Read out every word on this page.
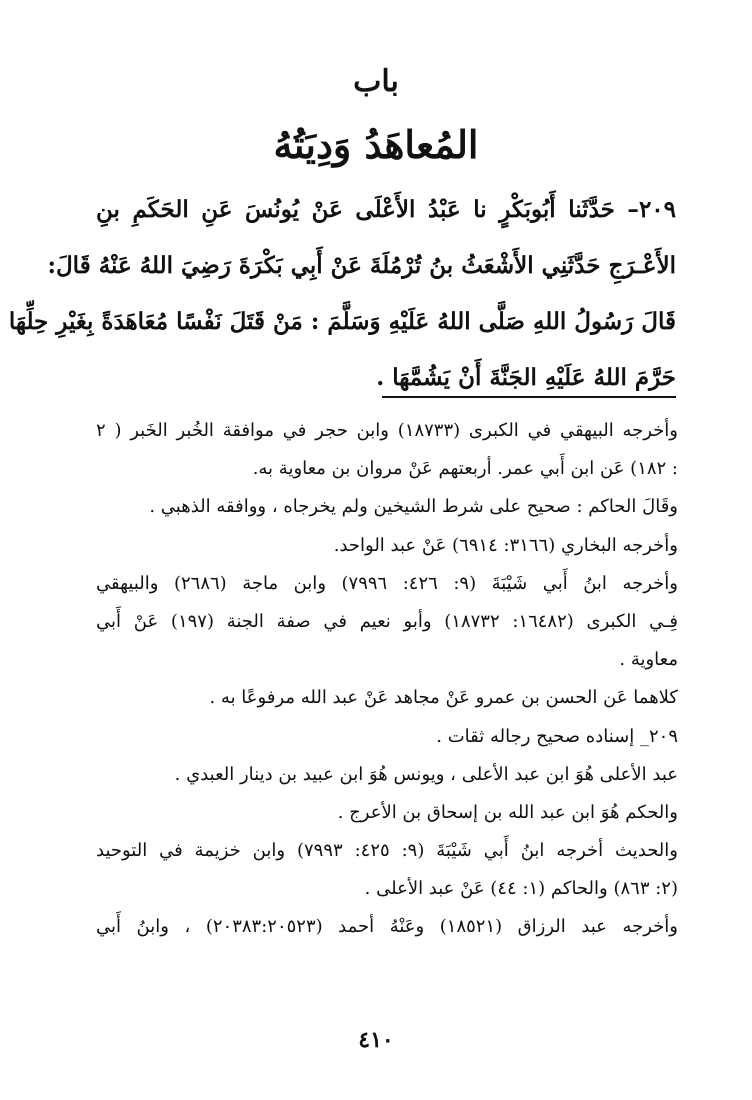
باب
المُعاهَدُ وَدِيَتُهُ
٢٠٩– حَدَّثَنا أَبُوبَكْرٍ نا عَبْدُ الأَعْلَى عَنْ يُونُسَ عَنِ الحَكَمِ بنِ
الأَعْـرَجِ حَدَّثَنِي الأَشْعَثُ بنُ تُرْمُلَةَ عَنْ أَبِي بَكْرَةَ رَضِيَ اللهُ عَنْهُ قَالَ:
قَالَ رَسُولُ اللهِ صَلَّى اللهُ عَلَيْهِ وَسَلَّمَ : مَنْ قَتَلَ نَفْسًا مُعَاهَدَةً بِغَيْرِ حِلِّهَا
حَرَّمَ اللهُ عَلَيْهِ الجَنَّةَ أَنْ يَشُمَّهَا .
وأخرجه البيهقي في الكبرى (١٨٧٣٣) وابن حجر في موافقة الخُبر الخَبر ( ٢
: ١٨٢) عَن ابن أَبي عمر. أربعتهم عَنْ مروان بن معاوية به.
وقَالَ الحاكم : صحيح على شرط الشيخين ولم يخرجاه ، ووافقه الذهبي .
وأخرجه البخاري (٣١٦٦: ٦٩١٤) عَنْ عبد الواحد.
وأخرجه ابنُ أَبي شَيْبَةَ (٩: ٤٢٦: ٧٩٩٦) وابن ماجة (٢٦٨٦) والبيهقي
فِـي الكبرى (١٦٤٨٢: ١٨٧٣٢) وأبو نعيم في صفة الجنة (١٩٧) عَنْ أَبي
معاوية .
كلاهما عَن الحسن بن عمرو عَنْ مجاهد عَنْ عبد الله مرفوعًا به .
٢٠٩_ إسناده صحيح رجاله ثقات .
عبد الأعلى هُوَ ابن عبد الأعلى ، ويونس هُوَ ابن عبيد بن دينار العبدي .
والحكم هُوَ ابن عبد الله بن إسحاق بن الأعرج .
والحديث أخرجه ابنُ أَبي شَيْبَةَ (٩: ٤٢٥: ٧٩٩٣) وابن خزيمة في التوحيد
(٢: ٨٦٣) والحاكم (١: ٤٤) عَنْ عبد الأعلى .
وأخرجه عبد الرزاق (١٨٥٢١) وعَنْهُ أحمد (٢٠٣٨٣:٢٠٥٢٣) ، وابنُ أَبي
٤١٠
